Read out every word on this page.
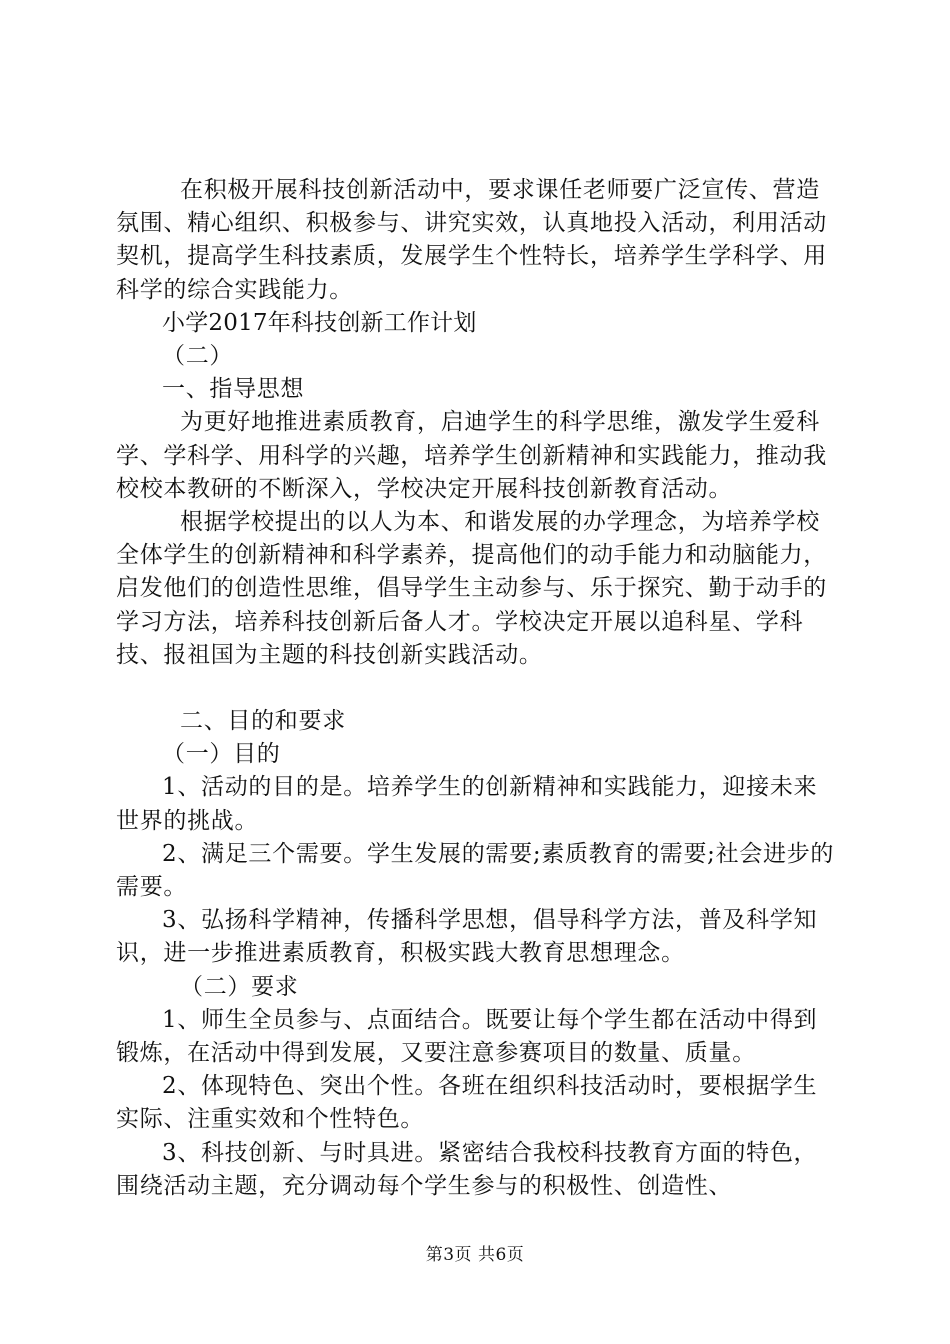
在积极开展科技创新活动中，要求课任老师要广泛宣传、营造氛围、精心组织、积极参与、讲究实效，认真地投入活动，利用活动契机，提高学生科技素质，发展学生个性特长，培养学生学科学、用科学的综合实践能力。

小学2017年科技创新工作计划

（二）

一、指导思想

为更好地推进素质教育，启迪学生的科学思维，激发学生爱科学、学科学、用科学的兴趣，培养学生创新精神和实践能力，推动我校校本教研的不断深入，学校决定开展科技创新教育活动。

根据学校提出的以人为本、和谐发展的办学理念，为培养学校全体学生的创新精神和科学素养，提高他们的动手能力和动脑能力，启发他们的创造性思维，倡导学生主动参与、乐于探究、勤于动手的学习方法，培养科技创新后备人才。学校决定开展以追科星、学科技、报祖国为主题的科技创新实践活动。

二、目的和要求

（一）目的

1、活动的目的是。培养学生的创新精神和实践能力，迎接未来世界的挑战。

2、满足三个需要。学生发展的需要;素质教育的需要;社会进步的需要。

3、弘扬科学精神，传播科学思想，倡导科学方法，普及科学知识，进一步推进素质教育，积极实践大教育思想理念。

（二）要求

1、师生全员参与、点面结合。既要让每个学生都在活动中得到锻炼，在活动中得到发展，又要注意参赛项目的数量、质量。

2、体现特色、突出个性。各班在组织科技活动时，要根据学生实际、注重实效和个性特色。

3、科技创新、与时具进。紧密结合我校科技教育方面的特色，围绕活动主题，充分调动每个学生参与的积极性、创造性、

第3页 共6页
